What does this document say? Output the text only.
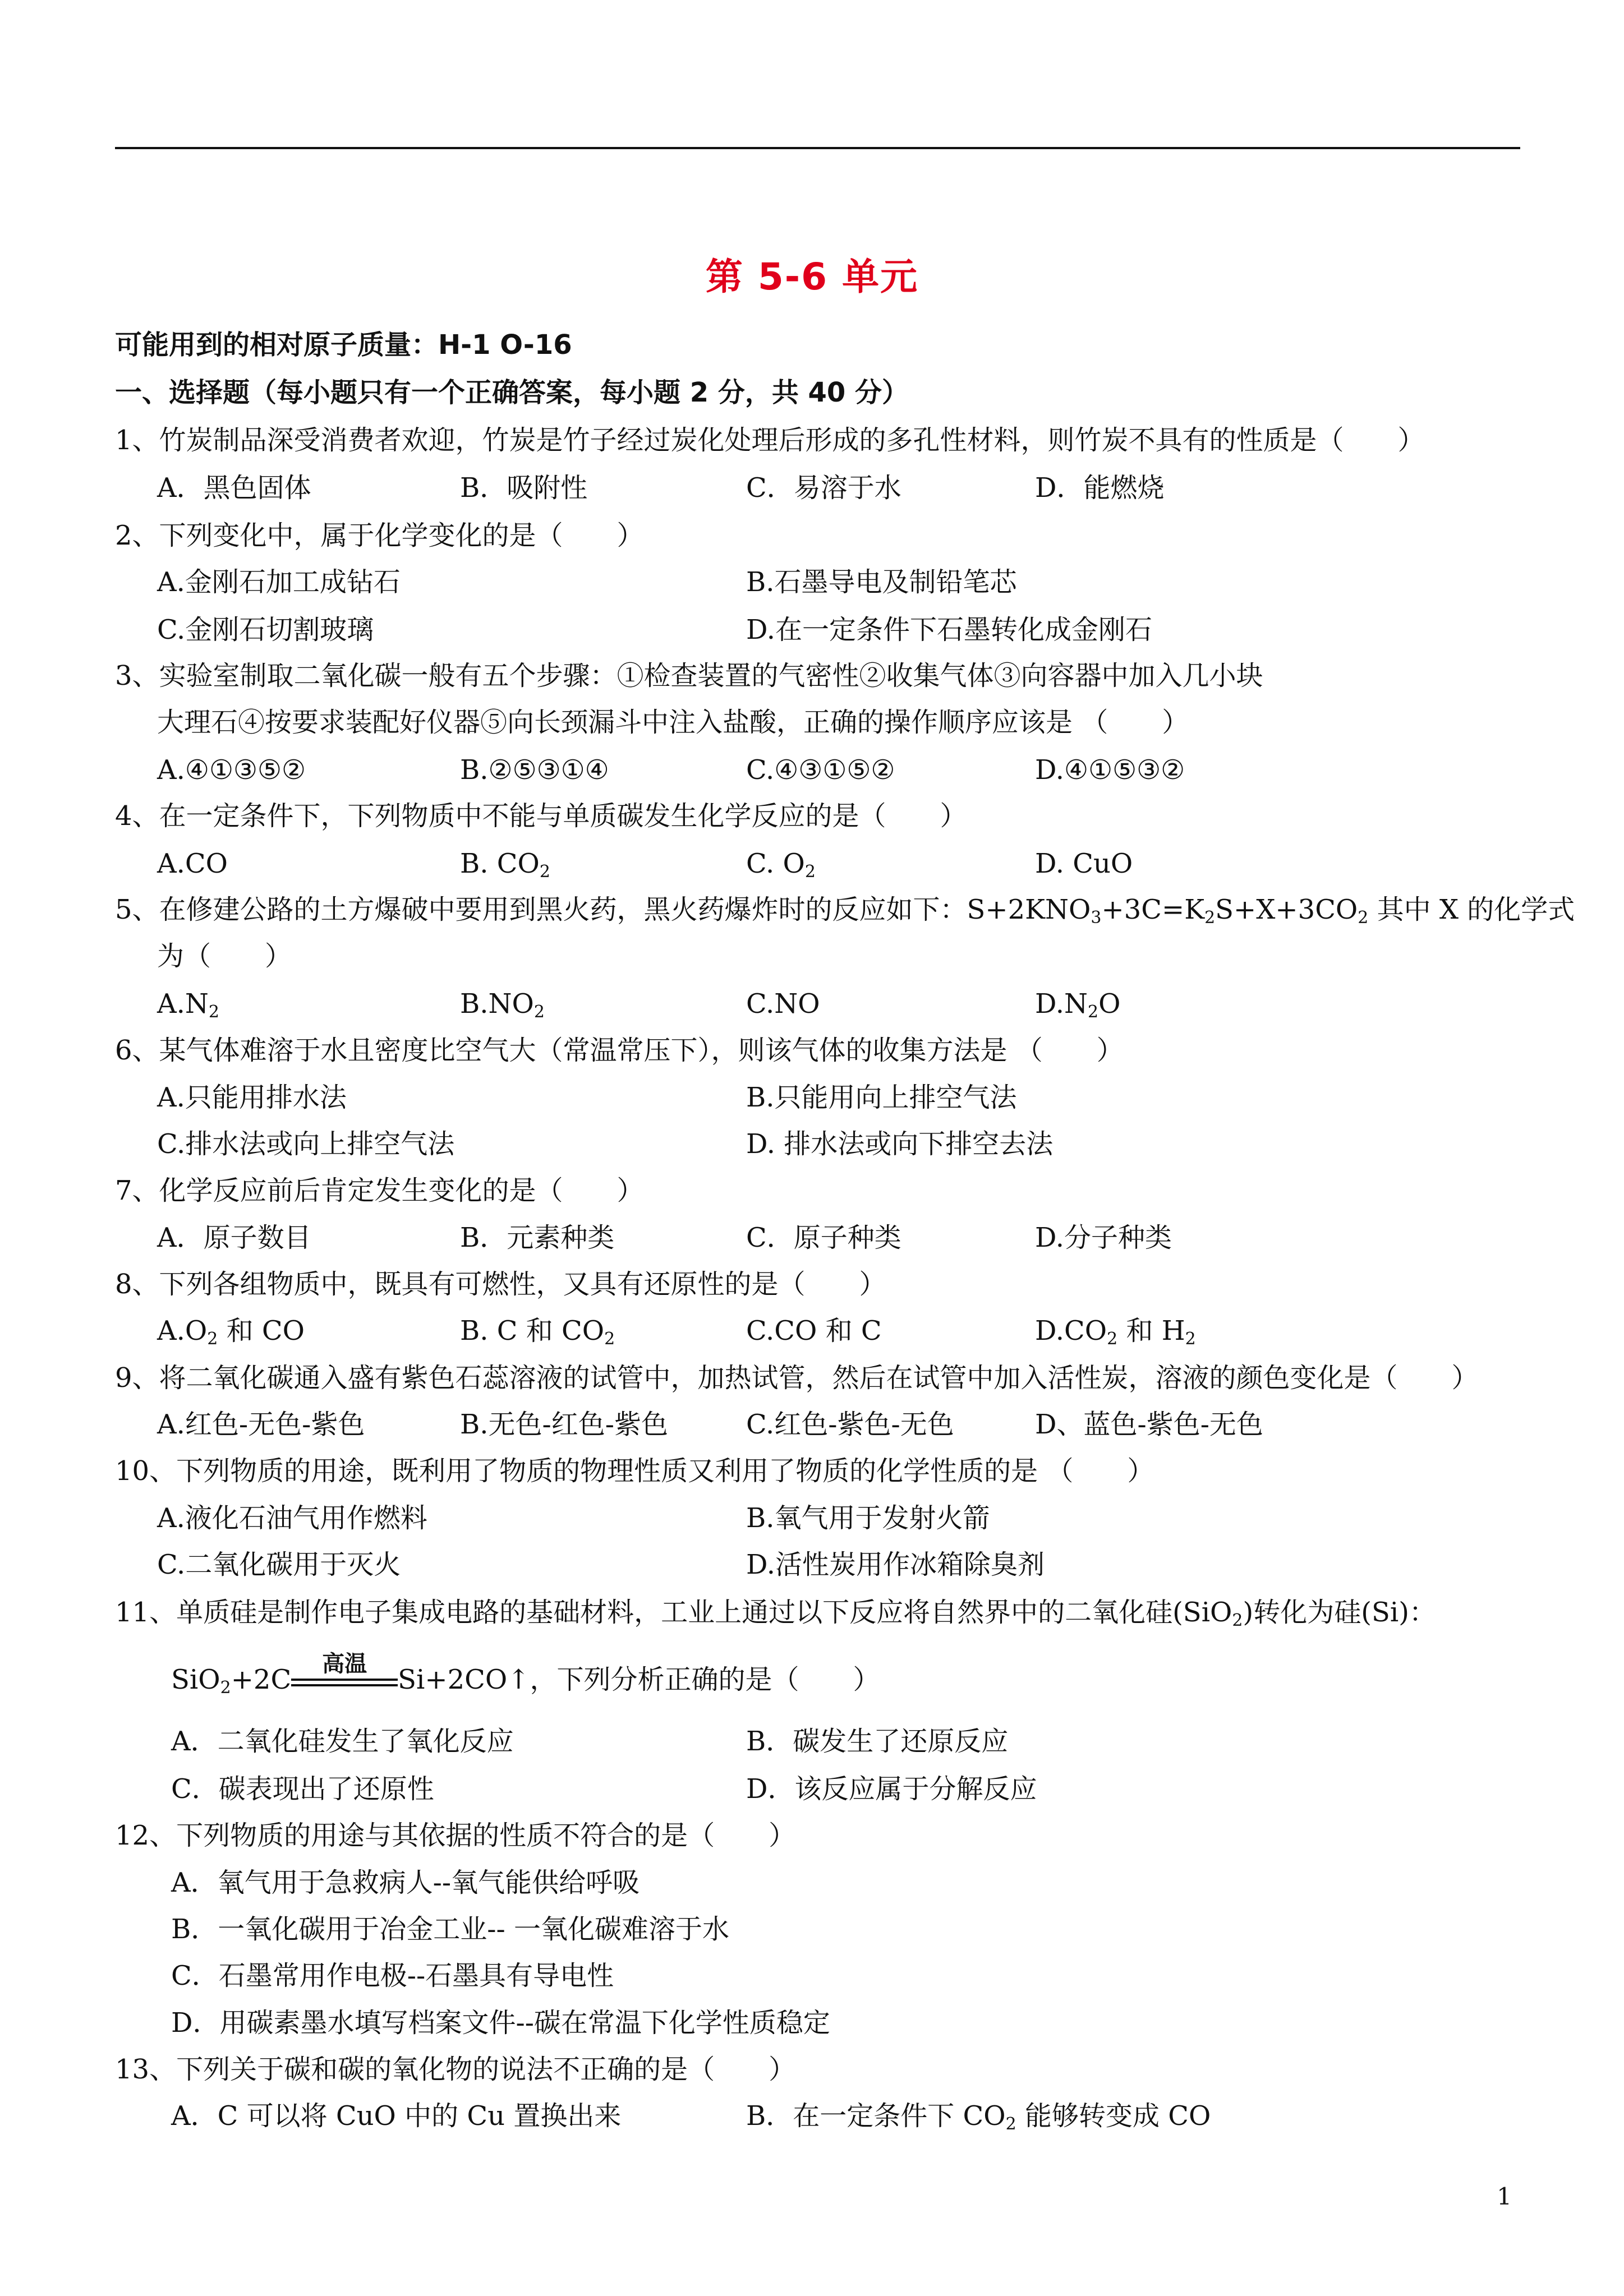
第 5-6 单元
可能用到的相对原子质量：H-1 O-16
一、选择题（每小题只有一个正确答案，每小题 2 分，共 40 分）
1、竹炭制品深受消费者欢迎，竹炭是竹子经过炭化处理后形成的多孔性材料，则竹炭不具有的性质是（　　）
A．黑色固体	B．吸附性	C．易溶于水	D．能燃烧
2、下列变化中，属于化学变化的是（　　）
A.金刚石加工成钻石	B.石墨导电及制铅笔芯
C.金刚石切割玻璃	D.在一定条件下石墨转化成金刚石
3、实验室制取二氧化碳一般有五个步骤：①检查装置的气密性②收集气体③向容器中加入几小块
大理石④按要求装配好仪器⑤向长颈漏斗中注入盐酸，正确的操作顺序应该是 （　　）
A.④①③⑤②	B.②⑤③①④	C.④③①⑤②	D.④①⑤③②
4、在一定条件下，下列物质中不能与单质碳发生化学反应的是（　　）
A.CO	B. $CO_2$	C. $O_2$	D. CuO
5、在修建公路的土方爆破中要用到黑火药，黑火药爆炸时的反应如下：$S+2KNO_3+3C=K_2S+X+3CO_2$ 其中 X 的化学式
为（　　）
$A.N_2$	$B.NO_2$	C.NO	$D.N_2O$
6、某气体难溶于水且密度比空气大（常温常压下），则该气体的收集方法是 （　　）
A.只能用排水法	B.只能用向上排空气法
C.排水法或向上排空气法	D. 排水法或向下排空去法
7、化学反应前后肯定发生变化的是（　　）
A．原子数目	B．元素种类	C．原子种类	D.分子种类
8、下列各组物质中，既具有可燃性，又具有还原性的是（　　）
$A.O_2$ 和 CO	B. C 和 $CO_2$	C.CO 和 C	$D.CO_2$ 和 $H_2$
9、将二氧化碳通入盛有紫色石蕊溶液的试管中，加热试管，然后在试管中加入活性炭，溶液的颜色变化是（　　）
A.红色-无色-紫色	B.无色-红色-紫色	C.红色-紫色-无色	D、蓝色-紫色-无色
10、下列物质的用途，既利用了物质的物理性质又利用了物质的化学性质的是 （　　）
A.液化石油气用作燃料	B.氧气用于发射火箭
C.二氧化碳用于灭火	D.活性炭用作冰箱除臭剂
11、单质硅是制作电子集成电路的基础材料，工业上通过以下反应将自然界中的二氧化硅(SiO$_2$)转化为硅(Si)：
SiO$_2$+2C	高温	Si+2CO↑，下列分析正确的是（　　）
A．二氧化硅发生了氧化反应	B．碳发生了还原反应
C．碳表现出了还原性	D．该反应属于分解反应
12、下列物质的用途与其依据的性质不符合的是（　　）
A．氧气用于急救病人--氧气能供给呼吸
B．一氧化碳用于冶金工业-- 一氧化碳难溶于水
C．石墨常用作电极--石墨具有导电性
D．用碳素墨水填写档案文件--碳在常温下化学性质稳定
13、下列关于碳和碳的氧化物的说法不正确的是（　　）
A．C 可以将 CuO 中的 Cu 置换出来	B．在一定条件下 $CO_2$ 能够转变成 CO
1
